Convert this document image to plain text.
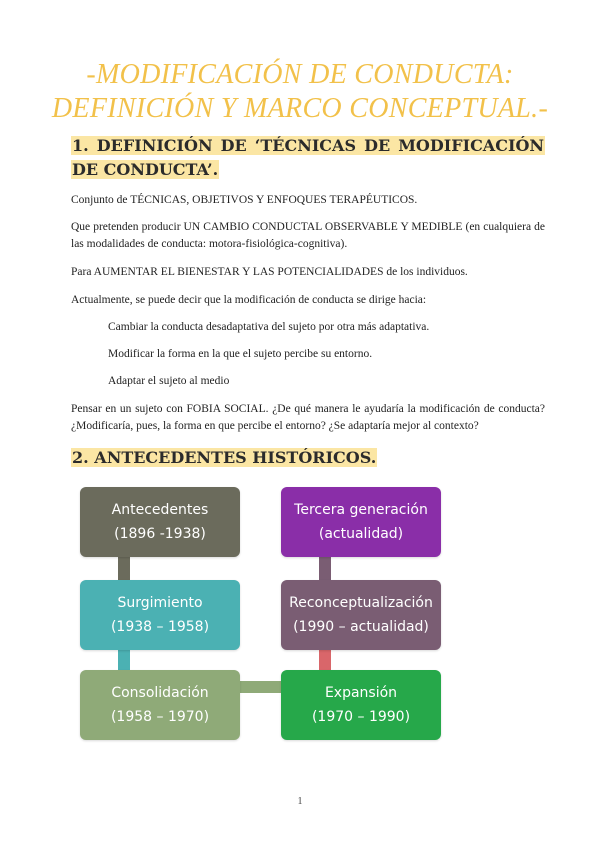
-MODIFICACIÓN DE CONDUCTA:
DEFINICIÓN Y MARCO CONCEPTUAL.-
1. DEFINICIÓN DE ‘TÉCNICAS DE MODIFICACIÓN DE CONDUCTA’.
Conjunto de TÉCNICAS, OBJETIVOS Y ENFOQUES TERAPÉUTICOS.
Que pretenden producir UN CAMBIO CONDUCTAL OBSERVABLE Y MEDIBLE (en cualquiera de las modalidades de conducta: motora-fisiológica-cognitiva).
Para AUMENTAR EL BIENESTAR Y LAS POTENCIALIDADES de los individuos.
Actualmente, se puede decir que la modificación de conducta se dirige hacia:
Cambiar la conducta desadaptativa del sujeto por otra más adaptativa.
Modificar la forma en la que el sujeto percibe su entorno.
Adaptar el sujeto al medio
Pensar en un sujeto con FOBIA SOCIAL. ¿De qué manera le ayudaría la modificación de conducta? ¿Modificaría, pues, la forma en que percibe el entorno? ¿Se adaptaría mejor al contexto?
2. ANTECEDENTES HISTÓRICOS.
Antecedentes
(1896 -1938)
Surgimiento
(1938 – 1958)
Consolidación
(1958 – 1970)
Expansión
(1970 – 1990)
Reconceptualización
(1990 – actualidad)
Tercera generación
(actualidad)
1
